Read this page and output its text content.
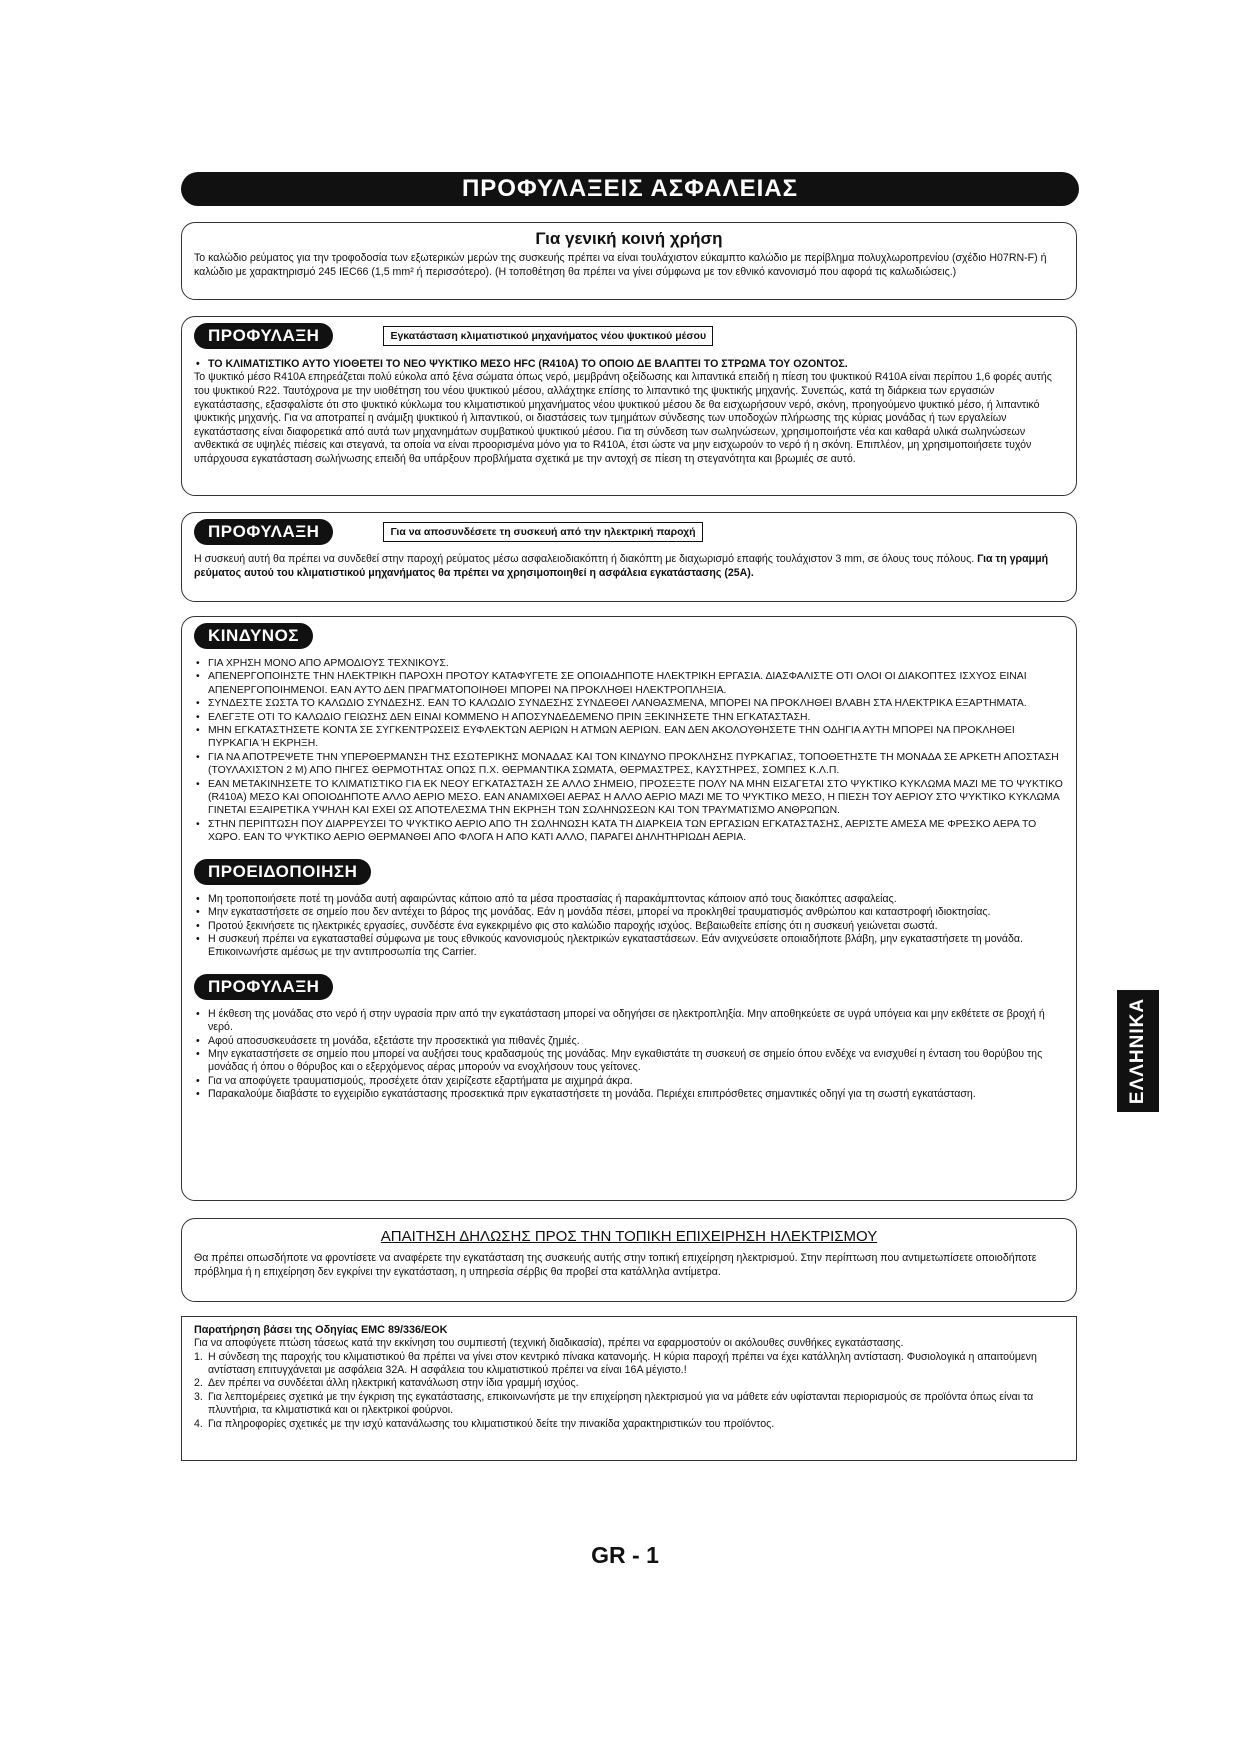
ΠΡΟΦΥΛΑΞΕΙΣ ΑΣΦΑΛΕΙΑΣ
Για γενική κοινή χρήση

Το καλώδιο ρεύματος για την τροφοδοσία των εξωτερικών μερών της συσκευής πρέπει να είναι τουλάχιστον εύκαμπτο καλώδιο με περίβλημα πολυχλωροπρενίου (σχέδιο H07RN-F) ή καλώδιο με χαρακτηρισμό 245 IEC66 (1,5 mm² ή περισσότερο). (Η τοποθέτηση θα πρέπει να γίνει σύμφωνα με τον εθνικό κανονισμό που αφορά τις καλωδιώσεις.)

ΠΡΟΦΥΛΑΞΗ	Εγκατάσταση κλιματιστικού μηχανήματος νέου ψυκτικού μέσου
• ΤΟ ΚΛΙΜΑΤΙΣΤΙΚΟ ΑΥΤΟ ΥΙΟΘΕΤΕΙ ΤΟ ΝΕΟ ΨΥΚΤΙΚΟ ΜΕΣΟ HFC (R410A) ΤΟ ΟΠΟΙΟ ΔΕ ΒΛΑΠΤΕΙ ΤΟ ΣΤΡΩΜΑ ΤΟΥ ΟΖΟΝΤΟΣ.

Το ψυκτικό μέσο R410A επηρεάζεται πολύ εύκολα από ξένα σώματα όπως νερό, μεμβράνη οξείδωσης και λιπαντικά επειδή η πίεση του ψυκτικού R410A είναι περίπου 1,6 φορές αυτής του ψυκτικού R22. Ταυτόχρονα με την υιοθέτηση του νέου ψυκτικού μέσου, αλλάχτηκε επίσης το λιπαντικό της ψυκτικής μηχανής. Συνεπώς, κατά τη διάρκεια των εργασιών εγκατάστασης, εξασφαλίστε ότι στο ψυκτικό κύκλωμα του κλιματιστικού μηχανήματος νέου ψυκτικού μέσου δε θα εισχωρήσουν νερό, σκόνη, προηγούμενο ψυκτικό μέσο, ή λιπαντικό ψυκτικής μηχανής. Για να αποτραπεί η ανάμιξη ψυκτικού ή λιπαντικού, οι διαστάσεις των τμημάτων σύνδεσης των υποδοχών πλήρωσης της κύριας μονάδας ή των εργαλείων εγκατάστασης είναι διαφορετικά από αυτά των μηχανημάτων συμβατικού ψυκτικού μέσου. Για τη σύνδεση των σωληνώσεων, χρησιμοποιήστε νέα και καθαρά υλικά σωληνώσεων ανθεκτικά σε υψηλές πιέσεις και στεγανά, τα οποία να είναι προορισμένα μόνο για το R410A, έτσι ώστε να μην εισχωρούν το νερό ή η σκόνη. Επιπλέον, μη χρησιμοποιήσετε τυχόν υπάρχουσα εγκατάσταση σωλήνωσης επειδή θα υπάρξουν προβλήματα σχετικά με την αντοχή σε πίεση τη στεγανότητα και βρωμιές σε αυτό.

ΠΡΟΦΥΛΑΞΗ	Για να αποσυνδέσετε τη συσκευή από την ηλεκτρική παροχή

Η συσκευή αυτή θα πρέπει να συνδεθεί στην παροχή ρεύματος μέσω ασφαλειοδιακόπτη ή διακόπτη με διαχωρισμό επαφής τουλάχιστον 3 mm, σε όλους τους πόλους. Για τη γραμμή ρεύματος αυτού του κλιματιστικού μηχανήματος θα πρέπει να χρησιμοποιηθεί η ασφάλεια εγκατάστασης (25A).

ΚΙΝΔΥΝΟΣ
• ΓΙΑ ΧΡΗΣΗ ΜΟΝΟ ΑΠΟ ΑΡΜΟΔΙΟΥΣ ΤΕΧΝΙΚΟΥΣ.
• ΑΠΕΝΕΡΓΟΠΟΙΗΣΤΕ ΤΗΝ ΗΛΕΚΤΡΙΚΗ ΠΑΡΟΧΗ ΠΡΟΤΟΥ ΚΑΤΑΦΥΓΕΤΕ ΣΕ ΟΠΟΙΑΔΗΠΟΤΕ ΗΛΕΚΤΡΙΚΗ ΕΡΓΑΣΙΑ. ΔΙΑΣΦΑΛΙΣΤΕ ΟΤΙ ΟΛΟΙ ΟΙ ΔΙΑΚΟΠΤΕΣ ΙΣΧΥΟΣ ΕΙΝΑΙ ΑΠΕΝΕΡΓΟΠΟΙΗΜΕΝΟΙ. ΕΑΝ ΑΥΤΟ ΔΕΝ ΠΡΑΓΜΑΤΟΠΟΙΗΘΕΙ ΜΠΟΡΕΙ ΝΑ ΠΡΟΚΛΗΘΕΙ ΗΛΕΚΤΡΟΠΛΗΞΙΑ.
• ΣΥΝΔΕΣΤΕ ΣΩΣΤΑ ΤΟ ΚΑΛΩΔΙΟ ΣΥΝΔΕΣΗΣ. ΕΑΝ ΤΟ ΚΑΛΩΔΙΟ ΣΥΝΔΕΣΗΣ ΣΥΝΔΕΘΕΙ ΛΑΝΘΑΣΜΕΝΑ, ΜΠΟΡΕΙ ΝΑ ΠΡΟΚΛΗΘΕΙ ΒΛΑΒΗ ΣΤΑ ΗΛΕΚΤΡΙΚΑ ΕΞΑΡΤΗΜΑΤΑ.
• ΕΛΕΓΞΤΕ ΟΤΙ ΤΟ ΚΑΛΩΔΙΟ ΓΕΙΩΣΗΣ ΔΕΝ ΕΙΝΑΙ ΚΟΜΜΕΝΟ Η ΑΠΟΣΥΝΔΕΔΕΜΕΝΟ ΠΡΙΝ ΞΕΚΙΝΗΣΕΤΕ ΤΗΝ ΕΓΚΑΤΑΣΤΑΣΗ.
• ΜΗΝ ΕΓΚΑΤΑΣΤΗΣΕΤΕ ΚΟΝΤΑ ΣΕ ΣΥΓΚΕΝΤΡΩΣΕΙΣ ΕΥΦΛΕΚΤΩΝ ΑΕΡΙΩΝ Η ΑΤΜΩΝ ΑΕΡΙΩΝ. ΕΑΝ ΔΕΝ ΑΚΟΛΟΥΘΗΣΕΤΕ ΤΗΝ ΟΔΗΓΙΑ ΑΥΤΗ ΜΠΟΡΕΙ ΝΑ ΠΡΟΚΛΗΘΕΙ ΠΥΡΚΑΓΙΑ Ή ΕΚΡΗΞΗ.
• ΓΙΑ ΝΑ ΑΠΟΤΡΕΨΕΤΕ ΤΗΝ ΥΠΕΡΘΕΡΜΑΝΣΗ ΤΗΣ ΕΣΩΤΕΡΙΚΗΣ ΜΟΝΑΔΑΣ ΚΑΙ ΤΟΝ ΚΙΝΔΥΝΟ ΠΡΟΚΛΗΣΗΣ ΠΥΡΚΑΓΙΑΣ, ΤΟΠΟΘΕΤΗΣΤΕ ΤΗ ΜΟΝΑΔΑ ΣΕ ΑΡΚΕΤΗ ΑΠΟΣΤΑΣΗ (ΤΟΥΛΑΧΙΣΤΟΝ 2 Μ) ΑΠΟ ΠΗΓΕΣ ΘΕΡΜΟΤΗΤΑΣ ΟΠΩΣ Π.Χ. ΘΕΡΜΑΝΤΙΚΑ ΣΩΜΑΤΑ, ΘΕΡΜΑΣΤΡΕΣ, ΚΑΥΣΤΗΡΕΣ, ΣΟΜΠΕΣ Κ.Λ.Π.
• ΕΑΝ ΜΕΤΑΚΙΝΗΣΕΤΕ ΤΟ ΚΛΙΜΑΤΙΣΤΙΚΟ ΓΙΑ ΕΚ ΝΕΟΥ ΕΓΚΑΤΑΣΤΑΣΗ ΣΕ ΑΛΛΟ ΣΗΜΕΙΟ, ΠΡΟΣΕΞΤΕ ΠΟΛΥ ΝΑ ΜΗΝ ΕΙΣΑΓΕΤΑΙ ΣΤΟ ΨΥΚΤΙΚΟ ΚΥΚΛΩΜΑ ΜΑΖΙ ΜΕ ΤΟ ΨΥΚΤΙΚΟ (R410A) ΜΕΣΟ ΚΑΙ ΟΠΟΙΟΔΗΠΟΤΕ ΑΛΛΟ ΑΕΡΙΟ ΜΕΣΟ. ΕΑΝ ΑΝΑΜΙΧΘΕΙ ΑΕΡΑΣ Η ΑΛΛΟ ΑΕΡΙΟ ΜΑΖΙ ΜΕ ΤΟ ΨΥΚΤΙΚΟ ΜΕΣΟ, Η ΠΙΕΣΗ ΤΟΥ ΑΕΡΙΟΥ ΣΤΟ ΨΥΚΤΙΚΟ ΚΥΚΛΩΜΑ ΓΙΝΕΤΑΙ ΕΞΑΙΡΕΤΙΚΑ ΥΨΗΛΗ ΚΑΙ ΕΧΕΙ ΩΣ ΑΠΟΤΕΛΕΣΜΑ ΤΗΝ ΕΚΡΗΞΗ ΤΩΝ ΣΩΛΗΝΩΣΕΩΝ ΚΑΙ ΤΟΝ ΤΡΑΥΜΑΤΙΣΜΟ ΑΝΘΡΩΠΩΝ.
• ΣΤΗΝ ΠΕΡΙΠΤΩΣΗ ΠΟΥ ΔΙΑΡΡΕΥΣΕΙ ΤΟ ΨΥΚΤΙΚΟ ΑΕΡΙΟ ΑΠΟ ΤΗ ΣΩΛΗΝΩΣΗ ΚΑΤΑ ΤΗ ΔΙΑΡΚΕΙΑ ΤΩΝ ΕΡΓΑΣΙΩΝ ΕΓΚΑΤΑΣΤΑΣΗΣ, ΑΕΡΙΣΤΕ ΑΜΕΣΑ ΜΕ ΦΡΕΣΚΟ ΑΕΡΑ ΤΟ ΧΩΡΟ. ΕΑΝ ΤΟ ΨΥΚΤΙΚΟ ΑΕΡΙΟ ΘΕΡΜΑΝΘΕΙ ΑΠΟ ΦΛΟΓΑ Η ΑΠΟ ΚΑΤΙ ΑΛΛΟ, ΠΑΡΑΓΕΙ ΔΗΛΗΤΗΡΙΩΔΗ ΑΕΡΙΑ.
ΠΡΟΕΙΔΟΠΟΙΗΣΗ
• Μη τροποποιήσετε ποτέ τη μονάδα αυτή αφαιρώντας κάποιο από τα μέσα προστασίας ή παρακάμπτοντας κάποιον από τους διακόπτες ασφαλείας.
• Μην εγκαταστήσετε σε σημείο που δεν αντέχει το βάρος της μονάδας. Εάν η μονάδα πέσει, μπορεί να προκληθεί τραυματισμός ανθρώπου και καταστροφή ιδιοκτησίας.
• Προτού ξεκινήσετε τις ηλεκτρικές εργασίες, συνδέστε ένα εγκεκριμένο φις στο καλώδιο παροχής ισχύος. Βεβαιωθείτε επίσης ότι η συσκευή γειώνεται σωστά.
• Η συσκευή πρέπει να εγκατασταθεί σύμφωνα με τους εθνικούς κανονισμούς ηλεκτρικών εγκαταστάσεων. Εάν ανιχνεύσετε οποιαδήποτε βλάβη, μην εγκαταστήσετε τη μονάδα. Επικοινωνήστε αμέσως με την αντιπροσωπία της Carrier.
ΠΡΟΦΥΛΑΞΗ
• Η έκθεση της μονάδας στο νερό ή στην υγρασία πριν από την εγκατάσταση μπορεί να οδηγήσει σε ηλεκτροπληξία. Μην αποθηκεύετε σε υγρά υπόγεια και μην εκθέτετε σε βροχή ή νερό.
• Αφού αποσυσκευάσετε τη μονάδα, εξετάστε την προσεκτικά για πιθανές ζημιές.
• Μην εγκαταστήσετε σε σημείο που μπορεί να αυξήσει τους κραδασμούς της μονάδας. Μην εγκαθιστάτε τη συσκευή σε σημείο όπου ενδέχε να ενισχυθεί η ένταση του θορύβου της μονάδας ή όπου ο θόρυβος και ο εξερχόμενος αέρας μπορούν να ενοχλήσουν τους γείτονες.
• Για να αποφύγετε τραυματισμούς, προσέχετε όταν χειρίζεστε εξαρτήματα με αιχμηρά άκρα.
• Παρακαλούμε διαβάστε το εγχειρίδιο εγκατάστασης προσεκτικά πριν εγκαταστήσετε τη μονάδα. Περιέχει επιπρόσθετες σημαντικές οδηγί για τη σωστή εγκατάσταση.
ΑΠΑΙΤΗΣΗ ΔΗΛΩΣΗΣ ΠΡΟΣ ΤΗΝ ΤΟΠΙΚΗ ΕΠΙΧΕΙΡΗΣΗ ΗΛΕΚΤΡΙΣΜΟΥ

Θα πρέπει οπωσδήποτε να φροντίσετε να αναφέρετε την εγκατάσταση της συσκευής αυτής στην τοπική επιχείρηση ηλεκτρισμού. Στην περίπτωση που αντιμετωπίσετε οποιοδήποτε πρόβλημα ή η επιχείρηση δεν εγκρίνει την εγκατάσταση, η υπηρεσία σέρβις θα προβεί στα κατάλληλα αντίμετρα.

Παρατήρηση βάσει της Οδηγίας EMC 89/336/EOK

Για να αποφύγετε πτώση τάσεως κατά την εκκίνηση του συμπιεστή (τεχνική διαδικασία), πρέπει να εφαρμοστούν οι ακόλουθες συνθήκες εγκατάστασης.

1. Η σύνδεση της παροχής του κλιματιστικού θα πρέπει να γίνει στον κεντρικό πίνακα κατανομής. Η κύρια παροχή πρέπει να έχει κατάλληλη αντίσταση. Φυσιολογικά η απαιτούμενη αντίσταση επιτυγχάνεται με ασφάλεια 32A. Η ασφάλεια του κλιματιστικού πρέπει να είναι 16A μέγιστο.!
2. Δεν πρέπει να συνδέεται άλλη ηλεκτρική κατανάλωση στην ίδια γραμμή ισχύος.
3. Για λεπτομέρειες σχετικά με την έγκριση της εγκατάστασης, επικοινωνήστε με την επιχείρηση ηλεκτρισμού για να μάθετε εάν υφίστανται περιορισμούς σε προϊόντα όπως είναι τα πλυντήρια, τα κλιματιστικά και οι ηλεκτρικοί φούρνοι.
4. Για πληροφορίες σχετικές με την ισχύ κατανάλωσης του κλιματιστικού δείτε την πινακίδα χαρακτηριστικών του προϊόντος.
ΕΛΛΗΝΙΚΑ
GR - 1
